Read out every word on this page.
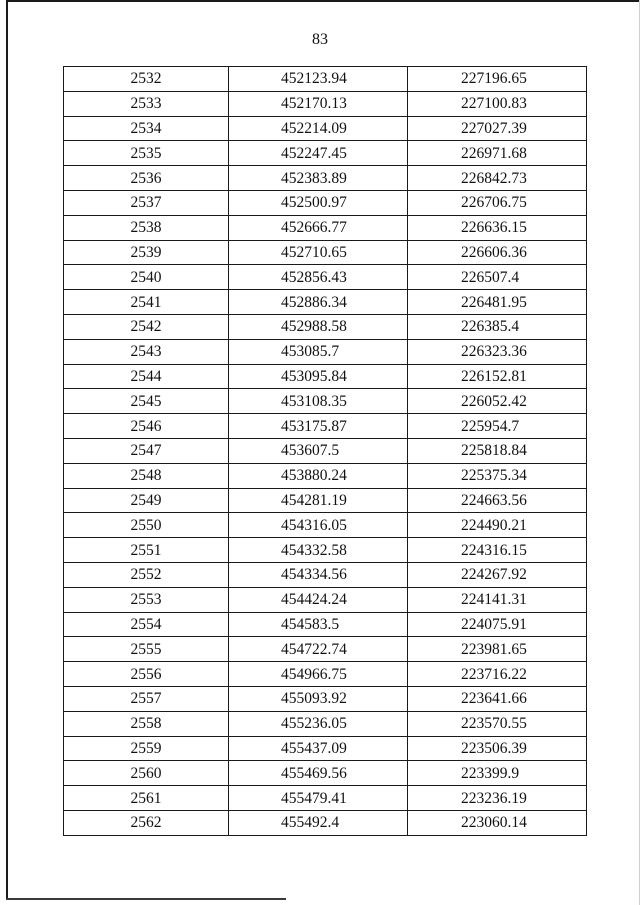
83
2532	452123.94	227196.65
2533	452170.13	227100.83
2534	452214.09	227027.39
2535	452247.45	226971.68
2536	452383.89	226842.73
2537	452500.97	226706.75
2538	452666.77	226636.15
2539	452710.65	226606.36
2540	452856.43	226507.4
2541	452886.34	226481.95
2542	452988.58	226385.4
2543	453085.7	226323.36
2544	453095.84	226152.81
2545	453108.35	226052.42
2546	453175.87	225954.7
2547	453607.5	225818.84
2548	453880.24	225375.34
2549	454281.19	224663.56
2550	454316.05	224490.21
2551	454332.58	224316.15
2552	454334.56	224267.92
2553	454424.24	224141.31
2554	454583.5	224075.91
2555	454722.74	223981.65
2556	454966.75	223716.22
2557	455093.92	223641.66
2558	455236.05	223570.55
2559	455437.09	223506.39
2560	455469.56	223399.9
2561	455479.41	223236.19
2562	455492.4	223060.14
